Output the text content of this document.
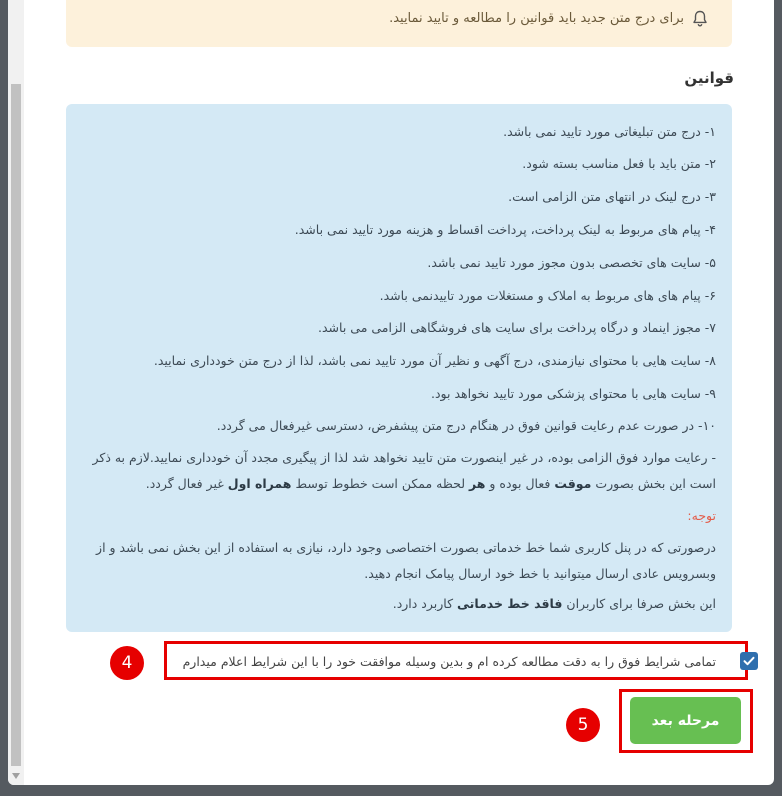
برای درج متن جدید باید قوانین را مطالعه و تایید نمایید.
قوانین
۱- درج متن تبلیغاتی مورد تایید نمی باشد.
۲- متن باید با فعل مناسب بسته شود.
۳- درج لینک در انتهای متن الزامی است.
۴- پیام های مربوط به لینک پرداخت، پرداخت اقساط و هزینه مورد تایید نمی باشد.
۵- سایت های تخصصی بدون مجوز مورد تایید نمی باشد.
۶- پیام های های مربوط به املاک و مستغلات مورد تاییدنمی باشد.
۷- مجوز اینماد و درگاه پرداخت برای سایت های فروشگاهی الزامی می باشد.
۸- سایت هایی با محتوای نیازمندی، درج آگهی و نظیر آن مورد تایید نمی باشد، لذا از درج متن خودداری نمایید.
۹- سایت هایی با محتوای پزشکی مورد تایید نخواهد بود.
۱۰- در صورت عدم رعایت قوانین فوق در هنگام درج متن پیشفرض، دسترسی غیرفعال می گردد.
- رعایت موارد فوق الزامی بوده، در غیر اینصورت متن تایید نخواهد شد لذا از پیگیری مجدد آن خودداری نمایید.لازم به ذکر است این بخش بصورت موقت فعال بوده و هر لحظه ممکن است خطوط توسط همراه اول غیر فعال گردد.
توجه:
درصورتی که در پنل کاربری شما خط خدماتی بصورت اختصاصی وجود دارد، نیازی به استفاده از این بخش نمی باشد و از وبسرویس عادی ارسال میتوانید با خط خود ارسال پیامک انجام دهید.
این بخش صرفا برای کاربران فاقد خط خدماتی کاربرد دارد.
تمامی شرایط فوق را به دقت مطالعه کرده ام و بدین وسیله موافقت خود را با این شرایط اعلام میدارم
مرحله بعد
4
5
